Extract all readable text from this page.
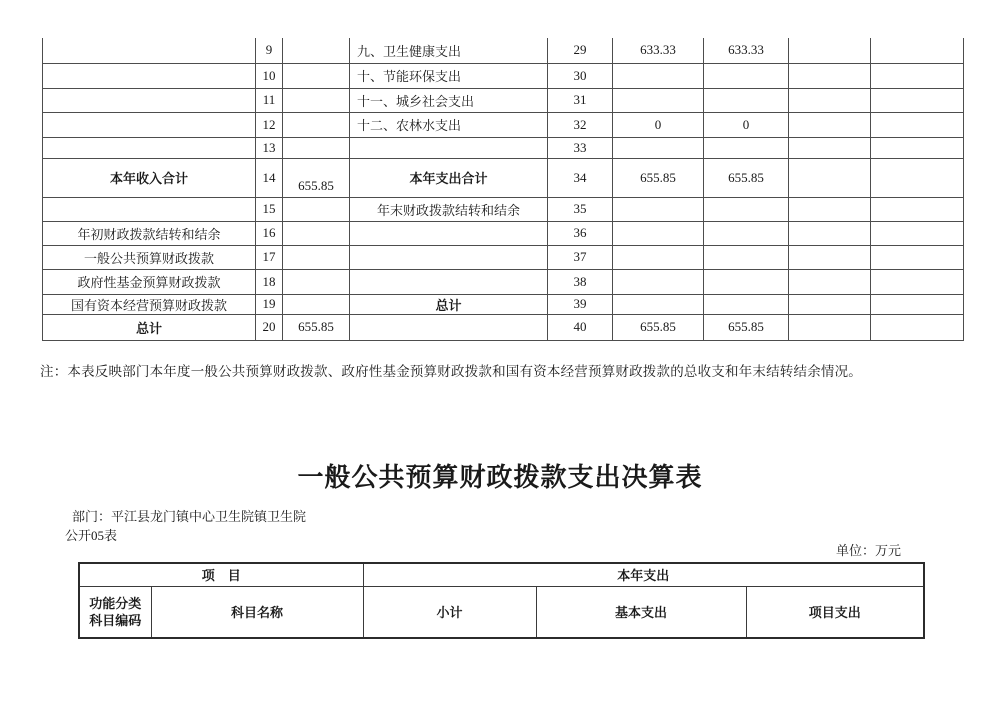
	9		九、卫生健康支出	29	633.33	633.33		
	10		十、节能环保支出	30				
	11		十一、城乡社会支出	31				
	12		十二、农林水支出	32	0	0		
	13			33				
本年收入合计	14	655.85	本年支出合计	34	655.85	655.85		
	15		年末财政拨款结转和结余	35				
年初财政拨款结转和结余	16			36				
一般公共预算财政拨款	17			37				
政府性基金预算财政拨款	18			38				
国有资本经营预算财政拨款	19		总计	39				
总计	20	655.85		40	655.85	655.85		
注：本表反映部门本年度一般公共预算财政拨款、政府性基金预算财政拨款和国有资本经营预算财政拨款的总收支和年末结转结余情况。
一般公共预算财政拨款支出决算表
部门：平江县龙门镇中心卫生院镇卫生院
公开05表
单位：万元
项　目		本年支出		

功能分类
科目编码	科目名称	小计	基本支出	项目支出
